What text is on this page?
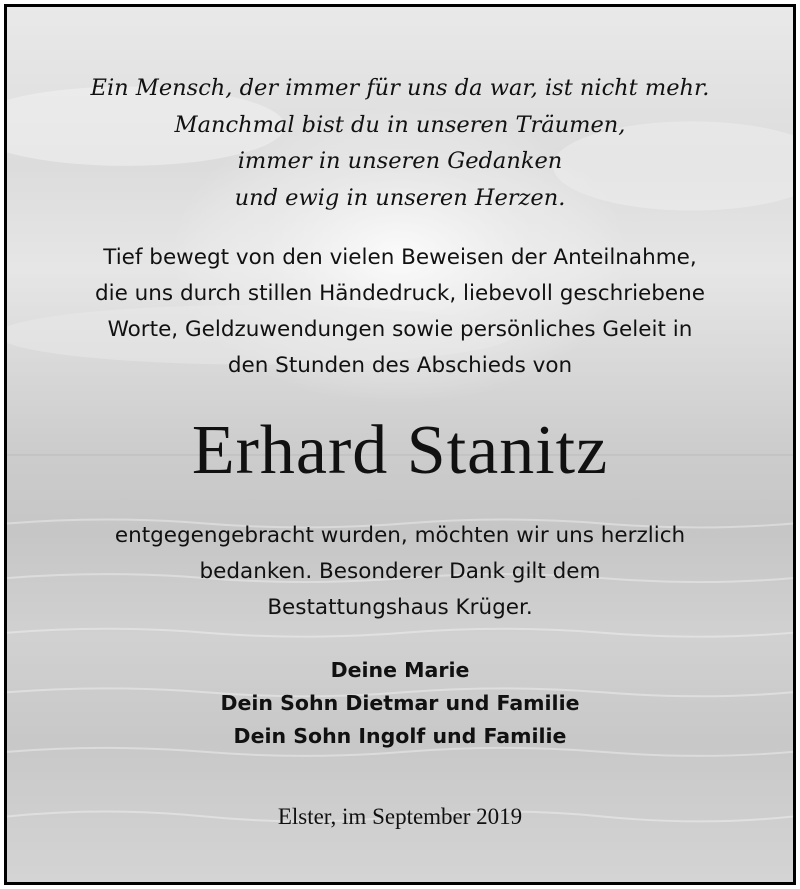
Ein Mensch, der immer für uns da war, ist nicht mehr.
Manchmal bist du in unseren Träumen,
immer in unseren Gedanken
und ewig in unseren Herzen.
Tief bewegt von den vielen Beweisen der Anteilnahme,
die uns durch stillen Händedruck, liebevoll geschriebene
Worte, Geldzuwendungen sowie persönliches Geleit in
den Stunden des Abschieds von
Erhard Stanitz
entgegengebracht wurden, möchten wir uns herzlich
bedanken. Besonderer Dank gilt dem
Bestattungshaus Krüger.
Deine Marie
Dein Sohn Dietmar und Familie
Dein Sohn Ingolf und Familie
Elster, im September 2019
